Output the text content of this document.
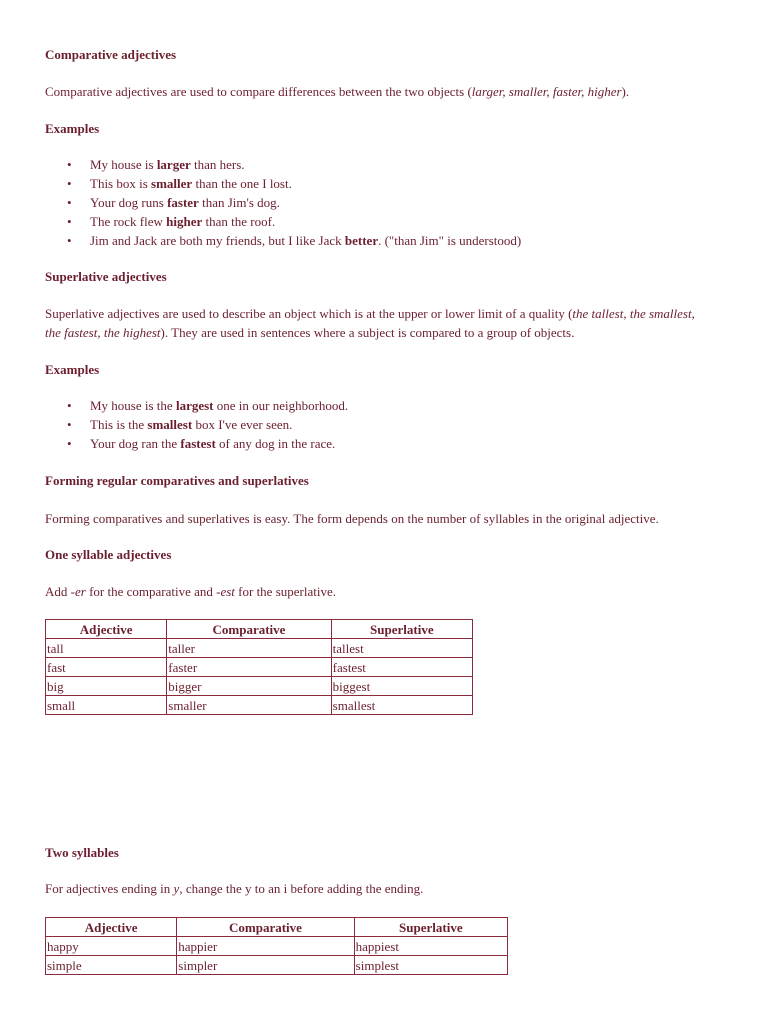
Comparative adjectives

Comparative adjectives are used to compare differences between the two objects (larger, smaller, faster, higher).

Examples

• My house is larger than hers.
• This box is smaller than the one I lost.
• Your dog runs faster than Jim's dog.
• The rock flew higher than the roof.
• Jim and Jack are both my friends, but I like Jack better. ("than Jim" is understood)

Superlative adjectives

Superlative adjectives are used to describe an object which is at the upper or lower limit of a quality (the tallest, the smallest, the fastest, the highest). They are used in sentences where a subject is compared to a group of objects.

Examples

• My house is the largest one in our neighborhood.
• This is the smallest box I've ever seen.
• Your dog ran the fastest of any dog in the race.

Forming regular comparatives and superlatives

Forming comparatives and superlatives is easy. The form depends on the number of syllables in the original adjective.

One syllable adjectives

Add -er for the comparative and -est for the superlative.

Adjective	Comparative	Superlative
tall	taller	tallest
fast	faster	fastest
big	bigger	biggest
small	smaller	smallest

Two syllables

For adjectives ending in y, change the y to an i before adding the ending.

Adjective	Comparative	Superlative
happy	happier	happiest
simple	simpler	simplest
